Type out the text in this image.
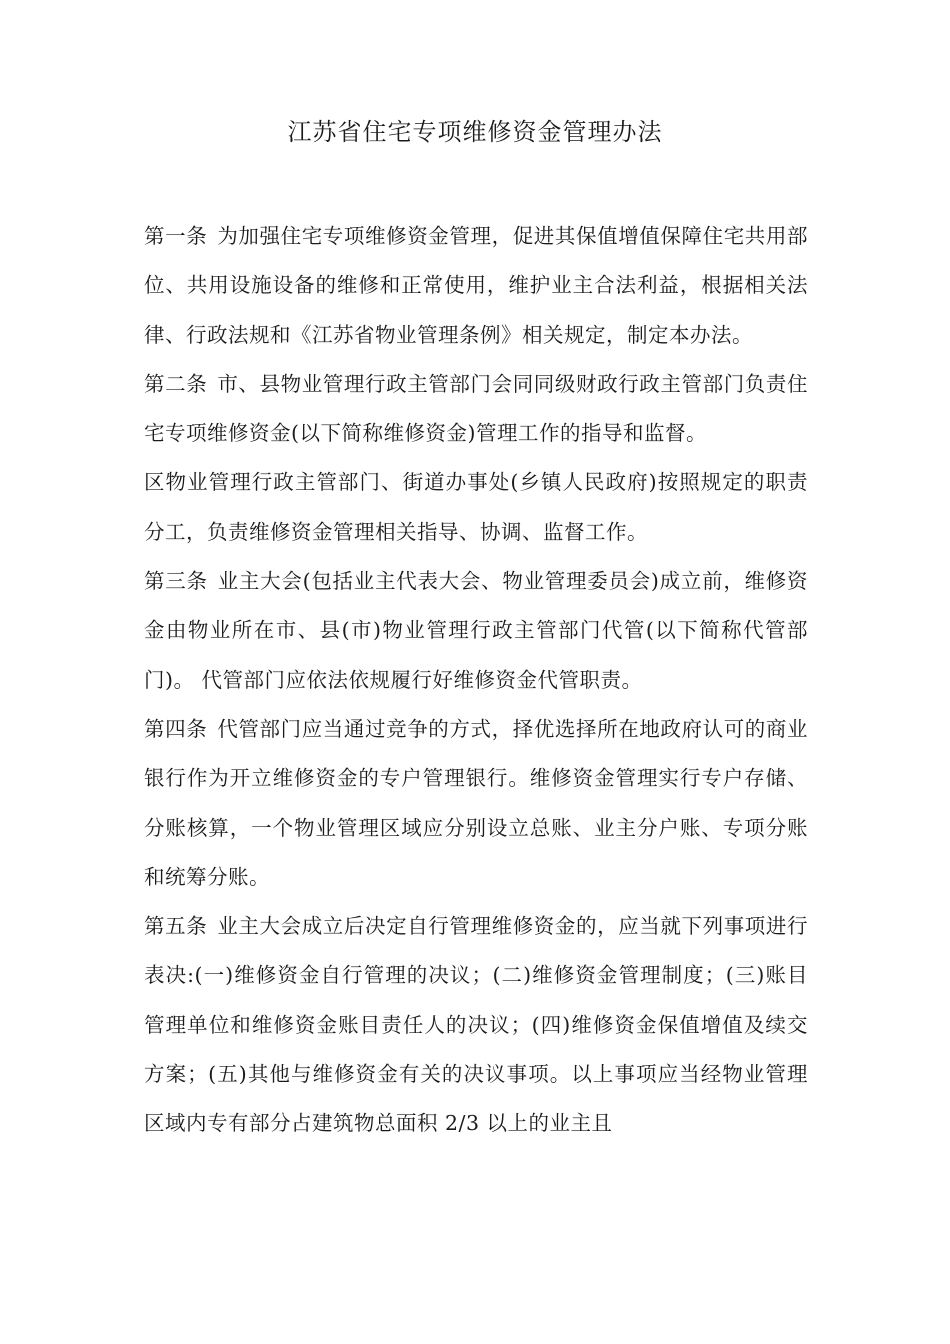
江苏省住宅专项维修资金管理办法

第一条 为加强住宅专项维修资金管理，促进其保值增值保障住宅共用部位、共用设施设备的维修和正常使用，维护业主合法利益，根据相关法律、行政法规和《江苏省物业管理条例》相关规定，制定本办法。

第二条 市、县物业管理行政主管部门会同同级财政行政主管部门负责住宅专项维修资金(以下简称维修资金)管理工作的指导和监督。

区物业管理行政主管部门、街道办事处(乡镇人民政府)按照规定的职责分工，负责维修资金管理相关指导、协调、监督工作。

第三条 业主大会(包括业主代表大会、物业管理委员会)成立前，维修资金由物业所在市、县(市)物业管理行政主管部门代管(以下简称代管部门)。 代管部门应依法依规履行好维修资金代管职责。

第四条 代管部门应当通过竞争的方式，择优选择所在地政府认可的商业银行作为开立维修资金的专户管理银行。维修资金管理实行专户存储、分账核算，一个物业管理区域应分别设立总账、业主分户账、专项分账和统筹分账。

第五条 业主大会成立后决定自行管理维修资金的，应当就下列事项进行表决:(一)维修资金自行管理的决议；(二)维修资金管理制度；(三)账目管理单位和维修资金账目责任人的决议；(四)维修资金保值增值及续交方案；(五)其他与维修资金有关的决议事项。以上事项应当经物业管理区域内专有部分占建筑物总面积 2/3 以上的业主且
